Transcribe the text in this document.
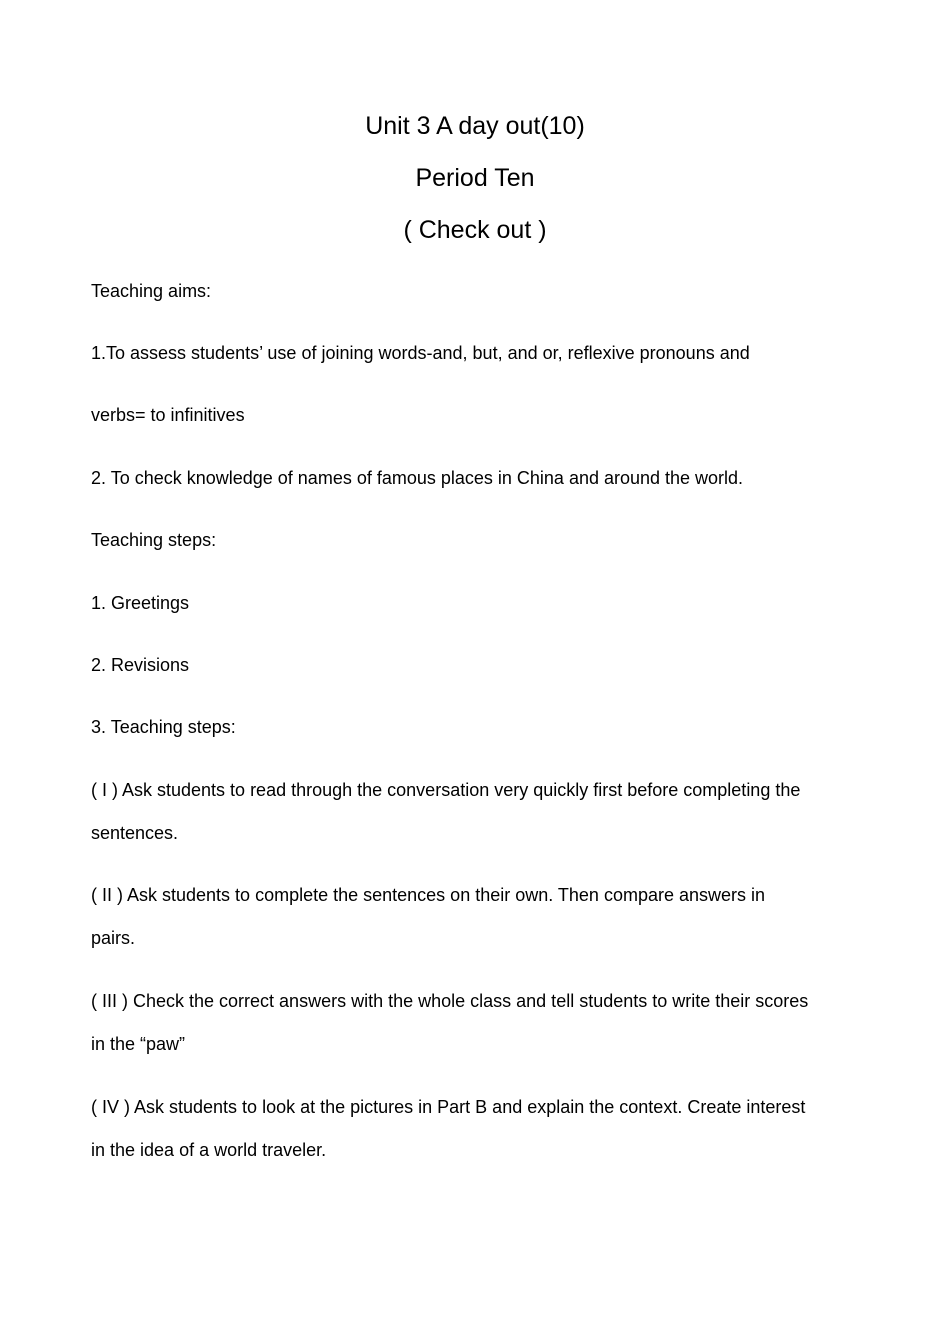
Unit 3 A day out(10)
Period Ten
( Check out )
Teaching aims:
1.To assess students’ use of joining words-and, but, and or, reflexive pronouns and
verbs= to infinitives
2. To check knowledge of names of famous places in China and around the world.
Teaching steps:
1. Greetings
2. Revisions
3. Teaching steps:
( I ) Ask students to read through the conversation very quickly first before completing the
sentences.
( II ) Ask students to complete the sentences on their own. Then compare answers in
pairs.
( III ) Check the correct answers with the whole class and tell students to write their scores
in the “paw”
( IV ) Ask students to look at the pictures in Part B and explain the context. Create interest
in the idea of a world traveler.
